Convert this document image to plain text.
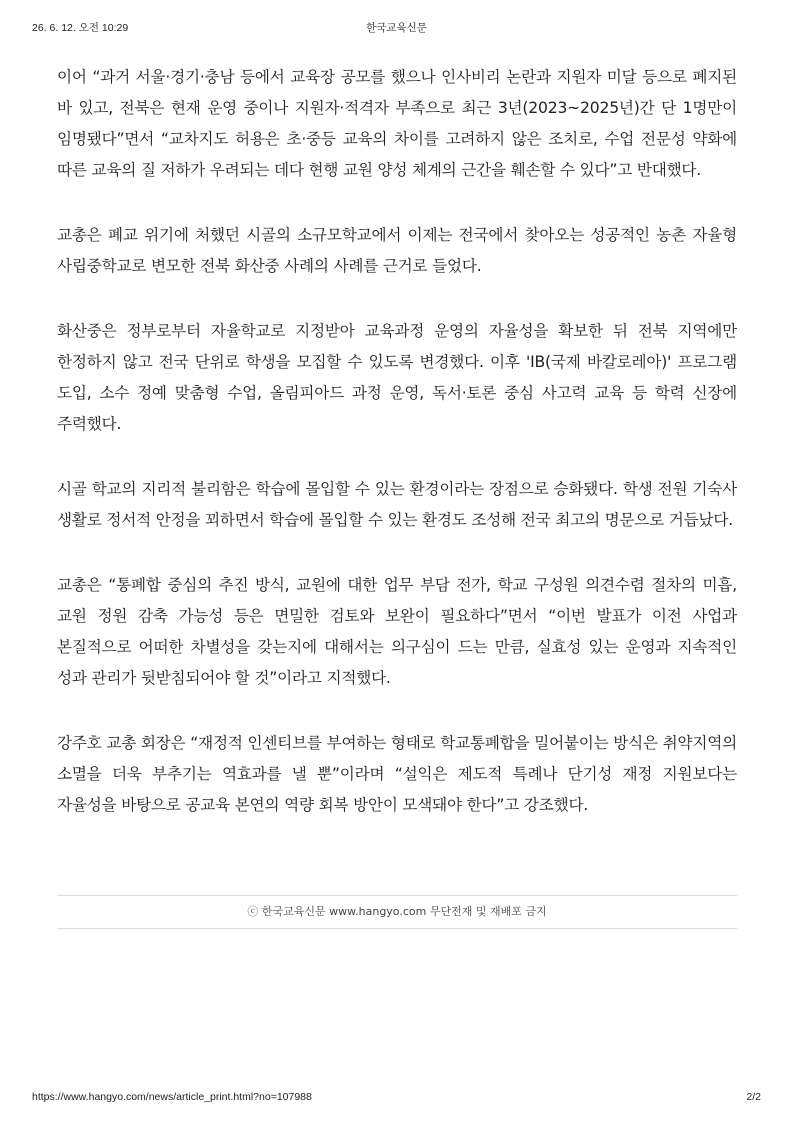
26. 6. 12. 오전 10:29	한국교육신문

이어 “과거 서울·경기·충남 등에서 교육장 공모를 했으나 인사비리 논란과 지원자 미달 등으로 폐지된 바 있고, 전북은 현재 운영 중이나 지원자·적격자 부족으로 최근 3년(2023~2025년)간 단 1명만이 임명됐다”면서 “교차지도 허용은 초·중등 교육의 차이를 고려하지 않은 조치로, 수업 전문성 약화에 따른 교육의 질 저하가 우려되는 데다 현행 교원 양성 체계의 근간을 훼손할 수 있다”고 반대했다.

교총은 폐교 위기에 처했던 시골의 소규모학교에서 이제는 전국에서 찾아오는 성공적인 농촌 자율형 사립중학교로 변모한 전북 화산중 사례의 사례를 근거로 들었다.

화산중은 정부로부터 자율학교로 지정받아 교육과정 운영의 자율성을 확보한 뒤 전북 지역에만 한정하지 않고 전국 단위로 학생을 모집할 수 있도록 변경했다. 이후 'IB(국제 바칼로레아)' 프로그램 도입, 소수 정예 맞춤형 수업, 올림피아드 과정 운영, 독서·토론 중심 사고력 교육 등 학력 신장에 주력했다.

시골 학교의 지리적 불리함은 학습에 몰입할 수 있는 환경이라는 장점으로 승화됐다. 학생 전원 기숙사 생활로 정서적 안정을 꾀하면서 학습에 몰입할 수 있는 환경도 조성해 전국 최고의 명문으로 거듭났다.

교총은 “통폐합 중심의 추진 방식, 교원에 대한 업무 부담 전가, 학교 구성원 의견수렴 절차의 미흡, 교원 정원 감축 가능성 등은 면밀한 검토와 보완이 필요하다”면서 “이번 발표가 이전 사업과 본질적으로 어떠한 차별성을 갖는지에 대해서는 의구심이 드는 만큼, 실효성 있는 운영과 지속적인 성과 관리가 뒷받침되어야 할 것”이라고 지적했다.

강주호 교총 회장은 “재정적 인센티브를 부여하는 형태로 학교통폐합을 밀어붙이는 방식은 취약지역의 소멸을 더욱 부추기는 역효과를 낼 뿐”이라며 “설익은 제도적 특례나 단기성 재정 지원보다는 자율성을 바탕으로 공교육 본연의 역량 회복 방안이 모색돼야 한다”고 강조했다.

ⓒ 한국교육신문 www.hangyo.com 무단전재 및 재배포 금지
https://www.hangyo.com/news/article_print.html?no=107988	2/2
